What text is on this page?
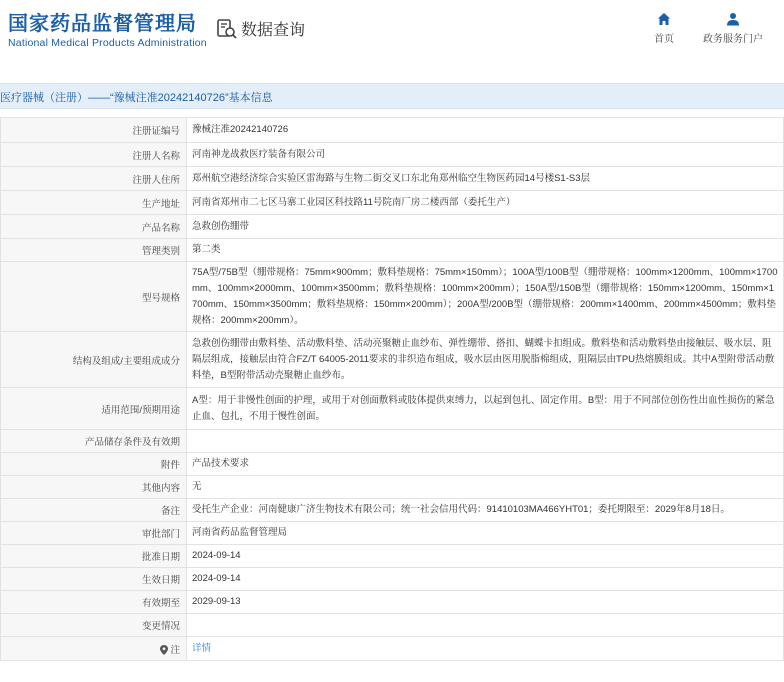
国家药品监督管理局
National Medical Products Administration
数据查询
首页	政务服务门户
医疗器械（注册）——“豫械注准20242140726”基本信息
注册证编号	豫械注准20242140726
注册人名称	河南神龙战救医疗装备有限公司
注册人住所	郑州航空港经济综合实验区雷海路与生物二街交叉口东北角郑州临空生物医药园14号楼S1-S3层
生产地址	河南省郑州市二七区马寨工业园区科技路11号院南厂房二楼西部（委托生产）
产品名称	急救创伤绷带
管理类别	第二类
型号规格	75A型/75B型（绷带规格：75mm×900mm；敷料垫规格：75mm×150mm）；100A型/100B型（绷带规格：100mm×1200mm、100mm×1700mm、100mm×2000mm、100mm×3500mm；敷料垫规格：100mm×200mm）；150A型/150B型（绷带规格：150mm×1200mm、150mm×1700mm、150mm×3500mm；敷料垫规格：150mm×200mm）；200A型/200B型（绷带规格：200mm×1400mm、200mm×4500mm；敷料垫规格：200mm×200mm）。
结构及组成/主要组成成分	急救创伤绷带由敷料垫、活动敷料垫、活动亮聚糖止血纱布、弹性绷带、搭扣、蝴蝶卡扣组成。敷料垫和活动敷料垫由接触层、吸水层、阻隔层组成，接触层由符合FZ/T 64005-2011要求的非织造布组成，吸水层由医用脱脂棉组成，阻隔层由TPU热熔膜组成。其中A型附带活动敷料垫，B型附带活动壳聚糖止血纱布。
适用范围/预期用途	A型：用于非慢性创面的护理，或用于对创面敷料或肢体提供束缚力，以起到包扎、固定作用。B型：用于不同部位创伤性出血性损伤的紧急止血、包扎，不用于慢性创面。
产品储存条件及有效期	
附件	产品技术要求
其他内容	无
备注	受托生产企业：河南健康广济生物技术有限公司；统一社会信用代码：91410103MA466YHT01；委托期限至：2029年8月18日。
审批部门	河南省药品监督管理局
批准日期	2024-09-14
生效日期	2024-09-14
有效期至	2029-09-13
变更情况	
注	详情
